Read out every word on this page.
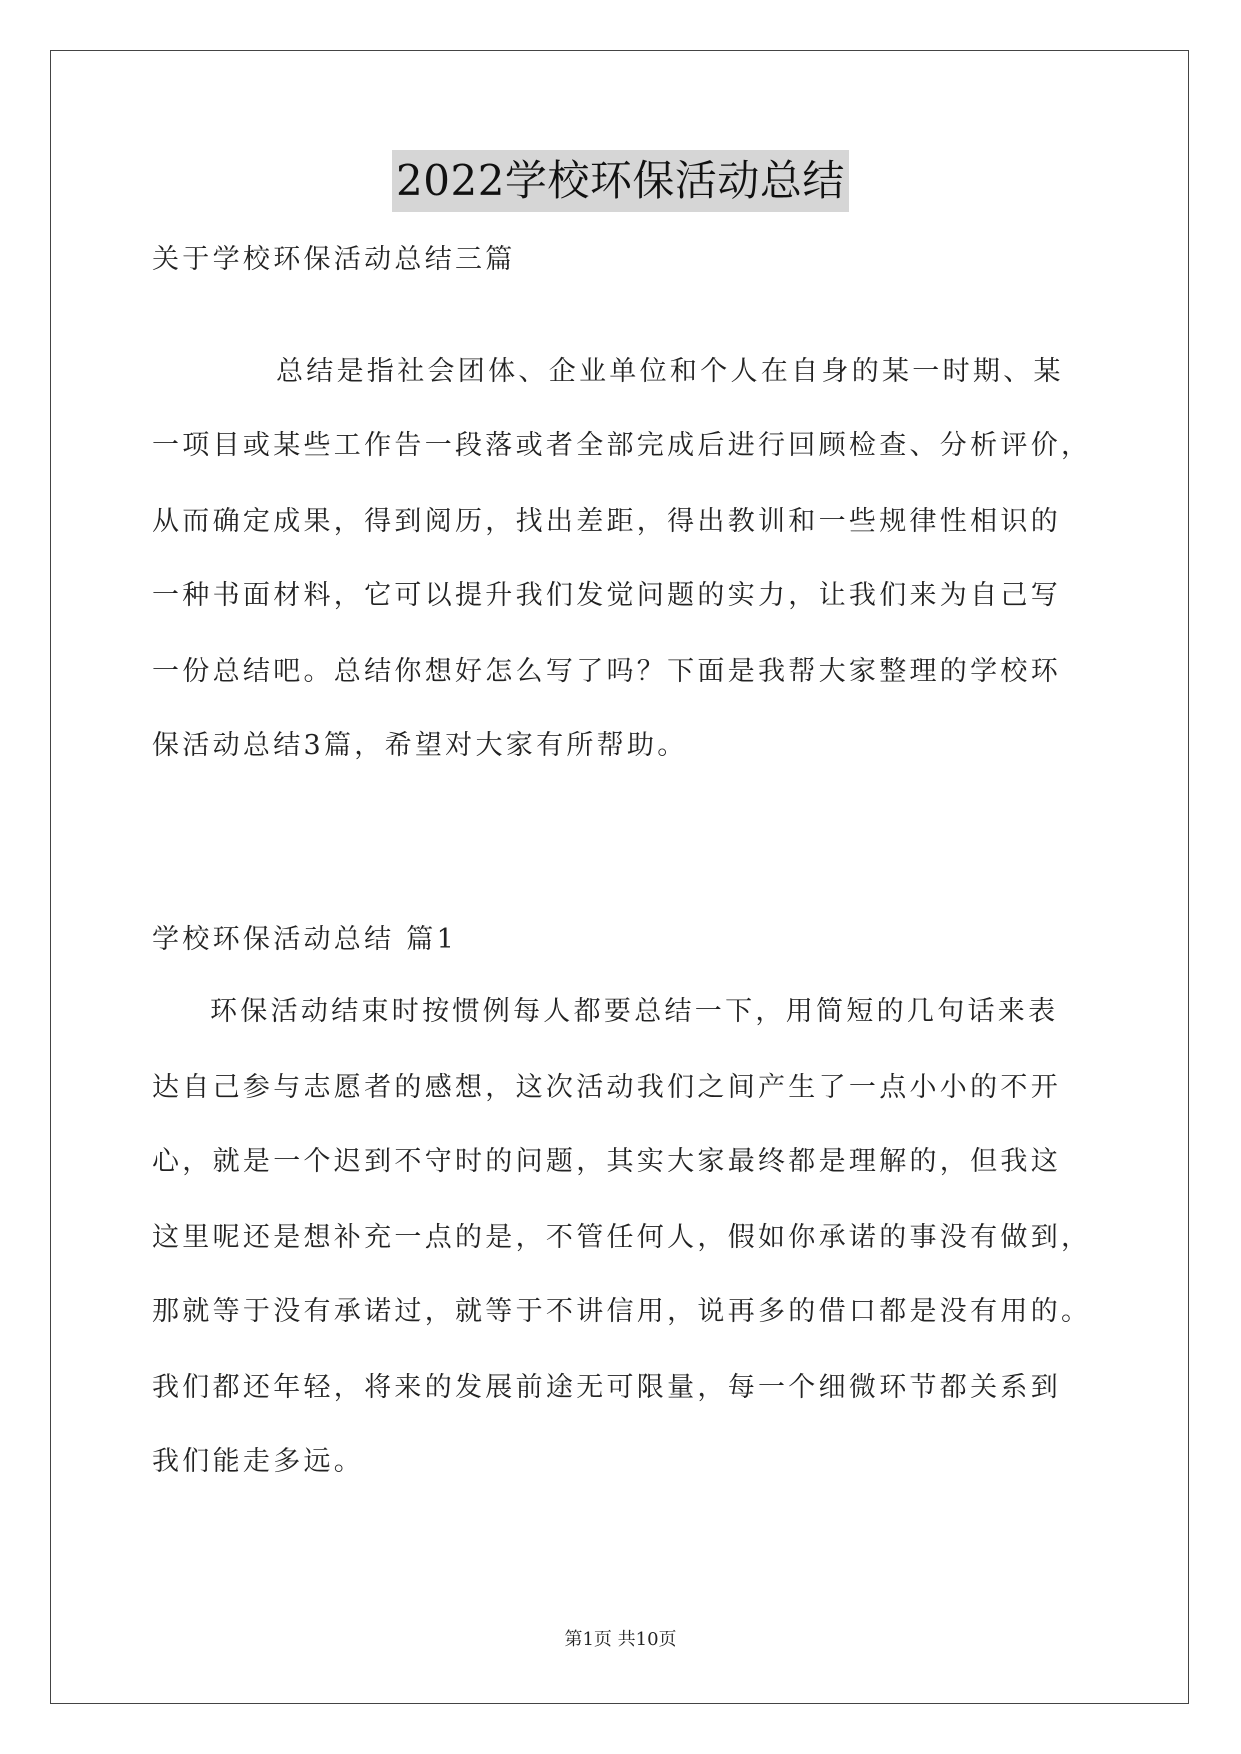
2022学校环保活动总结
关于学校环保活动总结三篇
总结是指社会团体、企业单位和个人在自身的某一时期、某
一项目或某些工作告一段落或者全部完成后进行回顾检查、分析评价，
从而确定成果，得到阅历，找出差距，得出教训和一些规律性相识的
一种书面材料，它可以提升我们发觉问题的实力，让我们来为自己写
一份总结吧。总结你想好怎么写了吗？下面是我帮大家整理的学校环
保活动总结3篇，希望对大家有所帮助。
学校环保活动总结 篇1
环保活动结束时按惯例每人都要总结一下，用简短的几句话来表
达自己参与志愿者的感想，这次活动我们之间产生了一点小小的不开
心，就是一个迟到不守时的问题，其实大家最终都是理解的，但我这
这里呢还是想补充一点的是，不管任何人，假如你承诺的事没有做到，
那就等于没有承诺过，就等于不讲信用，说再多的借口都是没有用的。
我们都还年轻，将来的发展前途无可限量，每一个细微环节都关系到
我们能走多远。
第1页 共10页
